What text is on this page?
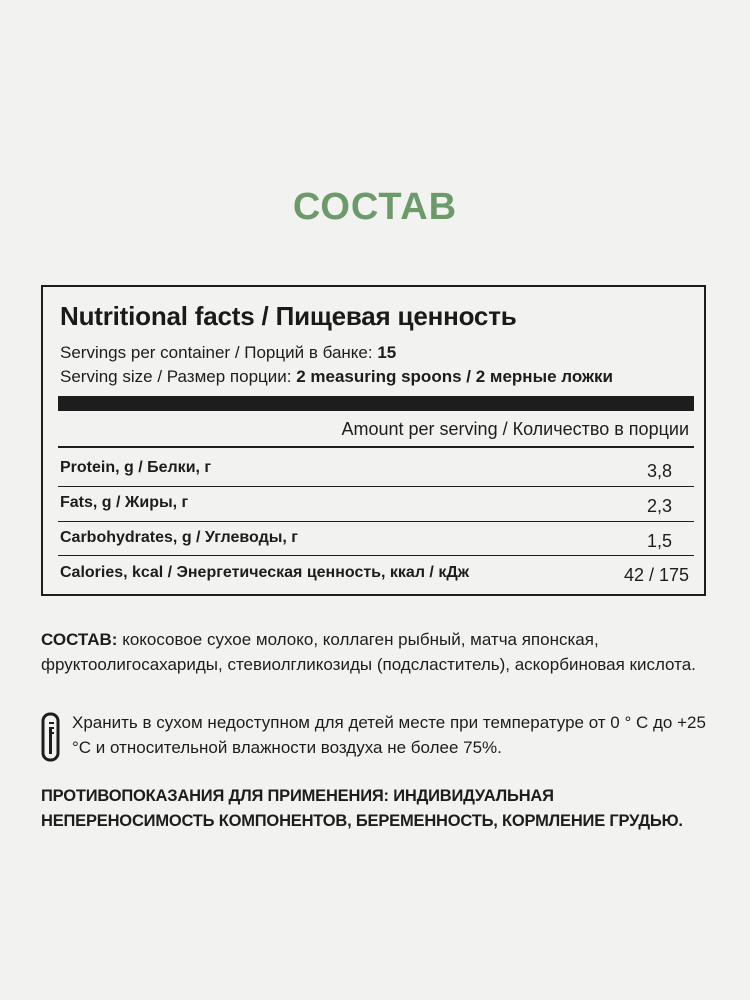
СОСТАВ
Nutritional facts / Пищевая ценность
Servings per container / Порций в банке: 15
Serving size / Размер порции: 2 measuring spoons / 2 мерные ложки
Amount per serving / Количество в порции
Protein, g / Белки, г	3,8
Fats, g / Жиры, г	2,3
Carbohydrates, g / Углеводы, г	1,5
Calories, kcal / Энергетическая ценность, ккал / кДж	42 / 175
СОСТАВ: кокосовое сухое молоко, коллаген рыбный, матча японская, фруктоолигосахариды, стевиолгликозиды (подсластитель), аскорбиновая кислота.
Хранить в сухом недоступном для детей месте при температуре от 0 ° С до +25 °С и относительной влажности воздуха не более 75%.
ПРОТИВОПОКАЗАНИЯ ДЛЯ ПРИМЕНЕНИЯ: ИНДИВИДУАЛЬНАЯ НЕПЕРЕНОСИМОСТЬ КОМПОНЕНТОВ, БЕРЕМЕННОСТЬ, КОРМЛЕНИЕ ГРУДЬЮ.
